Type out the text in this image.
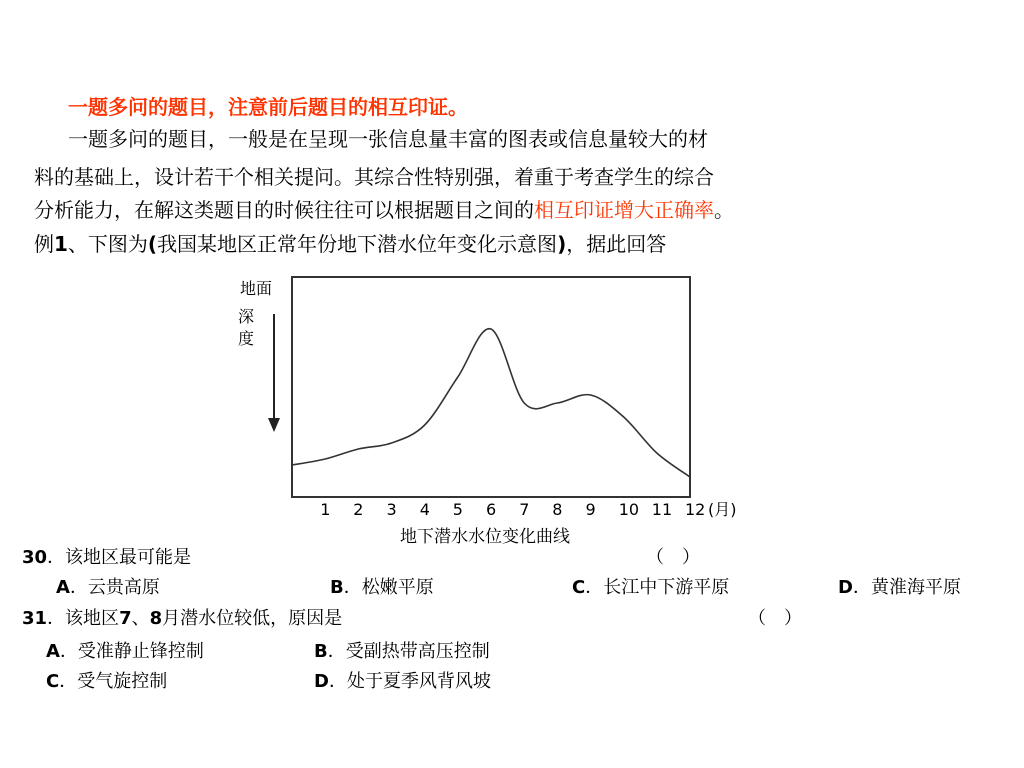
一题多问的题目，注意前后题目的相互印证。
一题多问的题目，一般是在呈现一张信息量丰富的图表或信息量较大的材
料的基础上，设计若干个相关提问。其综合性特别强，着重于考查学生的综合
分析能力，在解这类题目的时候往往可以根据题目之间的相互印证增大正确率。
例1、下图为(我国某地区正常年份地下潜水位年变化示意图)，据此回答
地面
深度
1 2 3 4 5 6 7 8 9 10 11 12 (月)
地下潜水水位变化曲线
30．该地区最可能是	（　）
A．云贵高原	B．松嫩平原	C．长江中下游平原	D．黄淮海平原
31．该地区7、8月潜水位较低，原因是	（　）
A．受准静止锋控制	B．受副热带高压控制
C．受气旋控制	D．处于夏季风背风坡
